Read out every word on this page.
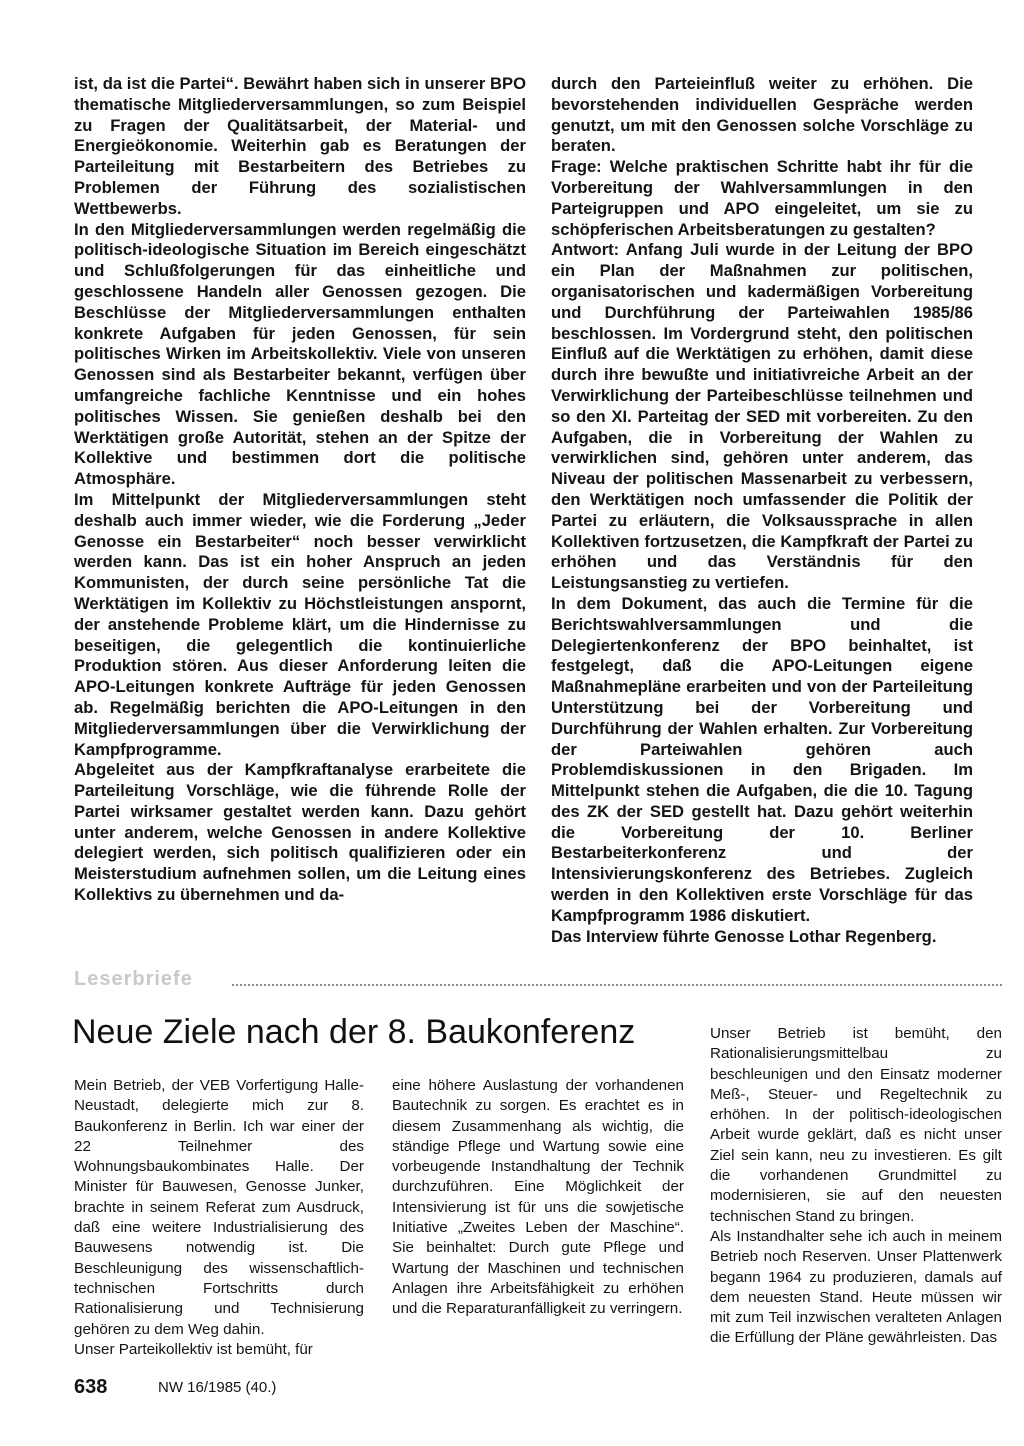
ist, da ist die Partei“. Bewährt haben sich in unserer BPO thematische Mitgliederversammlungen, so zum Beispiel zu Fragen der Qualitätsarbeit, der Material- und Energieökonomie. Weiterhin gab es Beratungen der Parteileitung mit Bestarbeitern des Betriebes zu Problemen der Führung des sozialistischen Wettbewerbs.

In den Mitgliederversammlungen werden regelmäßig die politisch-ideologische Situation im Bereich eingeschätzt und Schlußfolgerungen für das einheitliche und geschlossene Handeln aller Genossen gezogen. Die Beschlüsse der Mitgliederversammlungen enthalten konkrete Aufgaben für jeden Genossen, für sein politisches Wirken im Arbeitskollektiv. Viele von unseren Genossen sind als Bestarbeiter bekannt, verfügen über umfangreiche fachliche Kenntnisse und ein hohes politisches Wissen. Sie genießen deshalb bei den Werktätigen große Autorität, stehen an der Spitze der Kollektive und bestimmen dort die politische Atmosphäre.

Im Mittelpunkt der Mitgliederversammlungen steht deshalb auch immer wieder, wie die Forderung „Jeder Genosse ein Bestarbeiter“ noch besser verwirklicht werden kann. Das ist ein hoher Anspruch an jeden Kommunisten, der durch seine persönliche Tat die Werktätigen im Kollektiv zu Höchstleistungen anspornt, der anstehende Probleme klärt, um die Hindernisse zu beseitigen, die gelegentlich die kontinuierliche Produktion stören. Aus dieser Anforderung leiten die APO-Leitungen konkrete Aufträge für jeden Genossen ab. Regelmäßig berichten die APO-Leitungen in den Mitgliederversammlungen über die Verwirklichung der Kampfprogramme.

Abgeleitet aus der Kampfkraftanalyse erarbeitete die Parteileitung Vorschläge, wie die führende Rolle der Partei wirksamer gestaltet werden kann. Dazu gehört unter anderem, welche Genossen in andere Kollektive delegiert werden, sich politisch qualifizieren oder ein Meisterstudium aufnehmen sollen, um die Leitung eines Kollektivs zu übernehmen und da-

durch den Parteieinfluß weiter zu erhöhen. Die bevorstehenden individuellen Gespräche werden genutzt, um mit den Genossen solche Vorschläge zu beraten.

Frage: Welche praktischen Schritte habt ihr für die Vorbereitung der Wahlversammlungen in den Parteigruppen und APO eingeleitet, um sie zu schöpferischen Arbeitsberatungen zu gestalten?

Antwort: Anfang Juli wurde in der Leitung der BPO ein Plan der Maßnahmen zur politischen, organisatorischen und kadermäßigen Vorbereitung und Durchführung der Parteiwahlen 1985/86 beschlossen. Im Vordergrund steht, den politischen Einfluß auf die Werktätigen zu erhöhen, damit diese durch ihre bewußte und initiativreiche Arbeit an der Verwirklichung der Parteibeschlüsse teilnehmen und so den XI. Parteitag der SED mit vorbereiten. Zu den Aufgaben, die in Vorbereitung der Wahlen zu verwirklichen sind, gehören unter anderem, das Niveau der politischen Massenarbeit zu verbessern, den Werktätigen noch umfassender die Politik der Partei zu erläutern, die Volksaussprache in allen Kollektiven fortzusetzen, die Kampfkraft der Partei zu erhöhen und das Verständnis für den Leistungsanstieg zu vertiefen.

In dem Dokument, das auch die Termine für die Berichtswahlversammlungen und die Delegiertenkonferenz der BPO beinhaltet, ist festgelegt, daß die APO-Leitungen eigene Maßnahmepläne erarbeiten und von der Parteileitung Unterstützung bei der Vorbereitung und Durchführung der Wahlen erhalten. Zur Vorbereitung der Parteiwahlen gehören auch Problemdiskussionen in den Brigaden. Im Mittelpunkt stehen die Aufgaben, die die 10. Tagung des ZK der SED gestellt hat. Dazu gehört weiterhin die Vorbereitung der 10. Berliner Bestarbeiterkonferenz und der Intensivierungskonferenz des Betriebes. Zugleich werden in den Kollektiven erste Vorschläge für das Kampfprogramm 1986 diskutiert.

Das Interview führte Genosse Lothar Regenberg.

Leserbriefe
Neue Ziele nach der 8. Baukonferenz

Mein Betrieb, der VEB Vorfertigung Halle-Neustadt, delegierte mich zur 8. Baukonferenz in Berlin. Ich war einer der 22 Teilnehmer des Wohnungsbaukombinates Halle. Der Minister für Bauwesen, Genosse Junker, brachte in seinem Referat zum Ausdruck, daß eine weitere Industrialisierung des Bauwesens notwendig ist. Die Beschleunigung des wissenschaftlich-technischen Fortschritts durch Rationalisierung und Technisierung gehören zu dem Weg dahin.

Unser Parteikollektiv ist bemüht, für

eine höhere Auslastung der vorhandenen Bautechnik zu sorgen. Es erachtet es in diesem Zusammenhang als wichtig, die ständige Pflege und Wartung sowie eine vorbeugende Instandhaltung der Technik durchzuführen. Eine Möglichkeit der Intensivierung ist für uns die sowjetische Initiative „Zweites Leben der Maschine“. Sie beinhaltet: Durch gute Pflege und Wartung der Maschinen und technischen Anlagen ihre Arbeitsfähigkeit zu erhöhen und die Reparaturanfälligkeit zu verringern.

Unser Betrieb ist bemüht, den Rationalisierungsmittelbau zu beschleunigen und den Einsatz moderner Meß-, Steuer- und Regeltechnik zu erhöhen. In der politisch-ideologischen Arbeit wurde geklärt, daß es nicht unser Ziel sein kann, neu zu investieren. Es gilt die vorhandenen Grundmittel zu modernisieren, sie auf den neuesten technischen Stand zu bringen.

Als Instandhalter sehe ich auch in meinem Betrieb noch Reserven. Unser Plattenwerk begann 1964 zu produzieren, damals auf dem neuesten Stand. Heute müssen wir mit zum Teil inzwischen veralteten Anlagen die Erfüllung der Pläne gewährleisten. Das

638	NW 16/1985 (40.)
